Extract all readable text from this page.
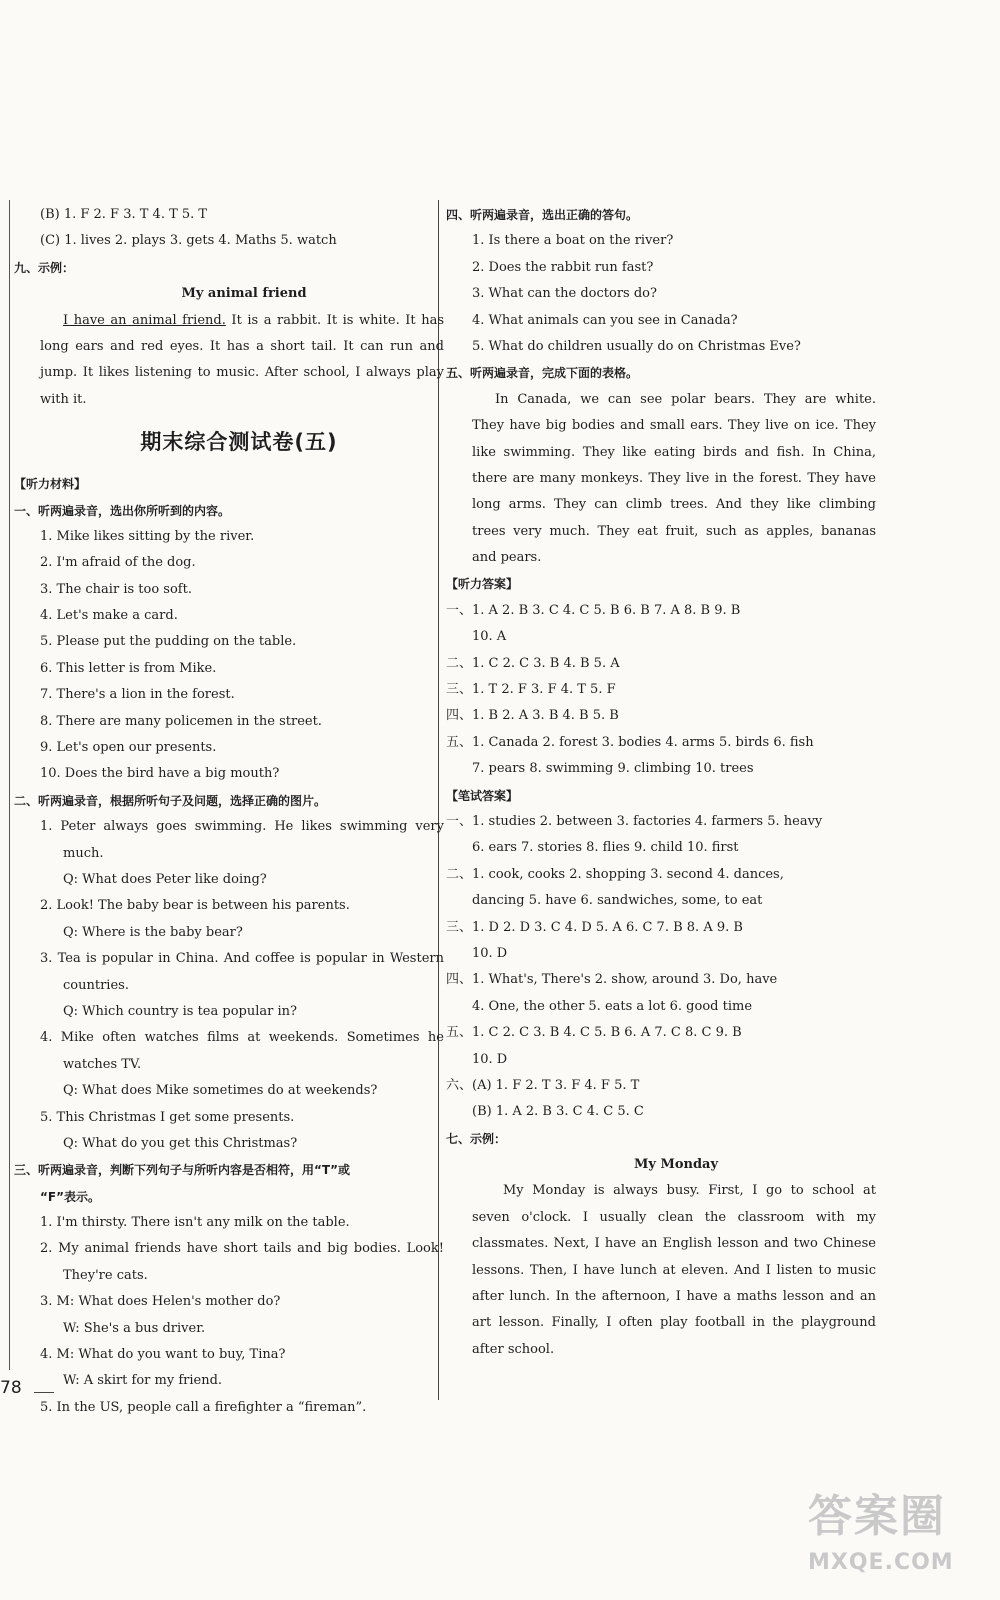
(B) 1. F 2. F 3. T 4. T 5. T
(C) 1. lives 2. plays 3. gets 4. Maths 5. watch
九、示例：
My animal friend
I have an animal friend. It is a rabbit. It is white. It has
long ears and red eyes. It has a short tail. It can run and
jump. It likes listening to music. After school, I always play
with it.
期末综合测试卷(五)
【听力材料】
一、听两遍录音，选出你所听到的内容。
1. Mike likes sitting by the river.
2. I'm afraid of the dog.
3. The chair is too soft.
4. Let's make a card.
5. Please put the pudding on the table.
6. This letter is from Mike.
7. There's a lion in the forest.
8. There are many policemen in the street.
9. Let's open our presents.
10. Does the bird have a big mouth?
二、听两遍录音，根据所听句子及问题，选择正确的图片。
1. Peter always goes swimming. He likes swimming very
much.
Q: What does Peter like doing?
2. Look! The baby bear is between his parents.
Q: Where is the baby bear?
3. Tea is popular in China. And coffee is popular in Western
countries.
Q: Which country is tea popular in?
4. Mike often watches films at weekends. Sometimes he
watches TV.
Q: What does Mike sometimes do at weekends?
5. This Christmas I get some presents.
Q: What do you get this Christmas?
三、听两遍录音，判断下列句子与所听内容是否相符，用“T”或
“F”表示。
1. I'm thirsty. There isn't any milk on the table.
2. My animal friends have short tails and big bodies. Look!
They're cats.
3. M: What does Helen's mother do?
W: She's a bus driver.
4. M: What do you want to buy, Tina?
W: A skirt for my friend.
5. In the US, people call a firefighter a “fireman”.
四、听两遍录音，选出正确的答句。
1. Is there a boat on the river?
2. Does the rabbit run fast?
3. What can the doctors do?
4. What animals can you see in Canada?
5. What do children usually do on Christmas Eve?
五、听两遍录音，完成下面的表格。
In Canada, we can see polar bears. They are white.
They have big bodies and small ears. They live on ice. They
like swimming. They like eating birds and fish. In China,
there are many monkeys. They live in the forest. They have
long arms. They can climb trees. And they like climbing
trees very much. They eat fruit, such as apples, bananas
and pears.
【听力答案】
一、1. A 2. B 3. C 4. C 5. B 6. B 7. A 8. B 9. B
10. A
二、1. C 2. C 3. B 4. B 5. A
三、1. T 2. F 3. F 4. T 5. F
四、1. B 2. A 3. B 4. B 5. B
五、1. Canada 2. forest 3. bodies 4. arms 5. birds 6. fish
7. pears 8. swimming 9. climbing 10. trees
【笔试答案】
一、1. studies 2. between 3. factories 4. farmers 5. heavy
6. ears 7. stories 8. flies 9. child 10. first
二、1. cook, cooks 2. shopping 3. second 4. dances,
dancing 5. have 6. sandwiches, some, to eat
三、1. D 2. D 3. C 4. D 5. A 6. C 7. B 8. A 9. B
10. D
四、1. What's, There's 2. show, around 3. Do, have
4. One, the other 5. eats a lot 6. good time
五、1. C 2. C 3. B 4. C 5. B 6. A 7. C 8. C 9. B
10. D
六、(A) 1. F 2. T 3. F 4. F 5. T
(B) 1. A 2. B 3. C 4. C 5. C
七、示例：
My Monday
My Monday is always busy. First, I go to school at
seven o'clock. I usually clean the classroom with my
classmates. Next, I have an English lesson and two Chinese
lessons. Then, I have lunch at eleven. And I listen to music
after lunch. In the afternoon, I have a maths lesson and an
art lesson. Finally, I often play football in the playground
after school.
78
答案圈
MXQE.COM
